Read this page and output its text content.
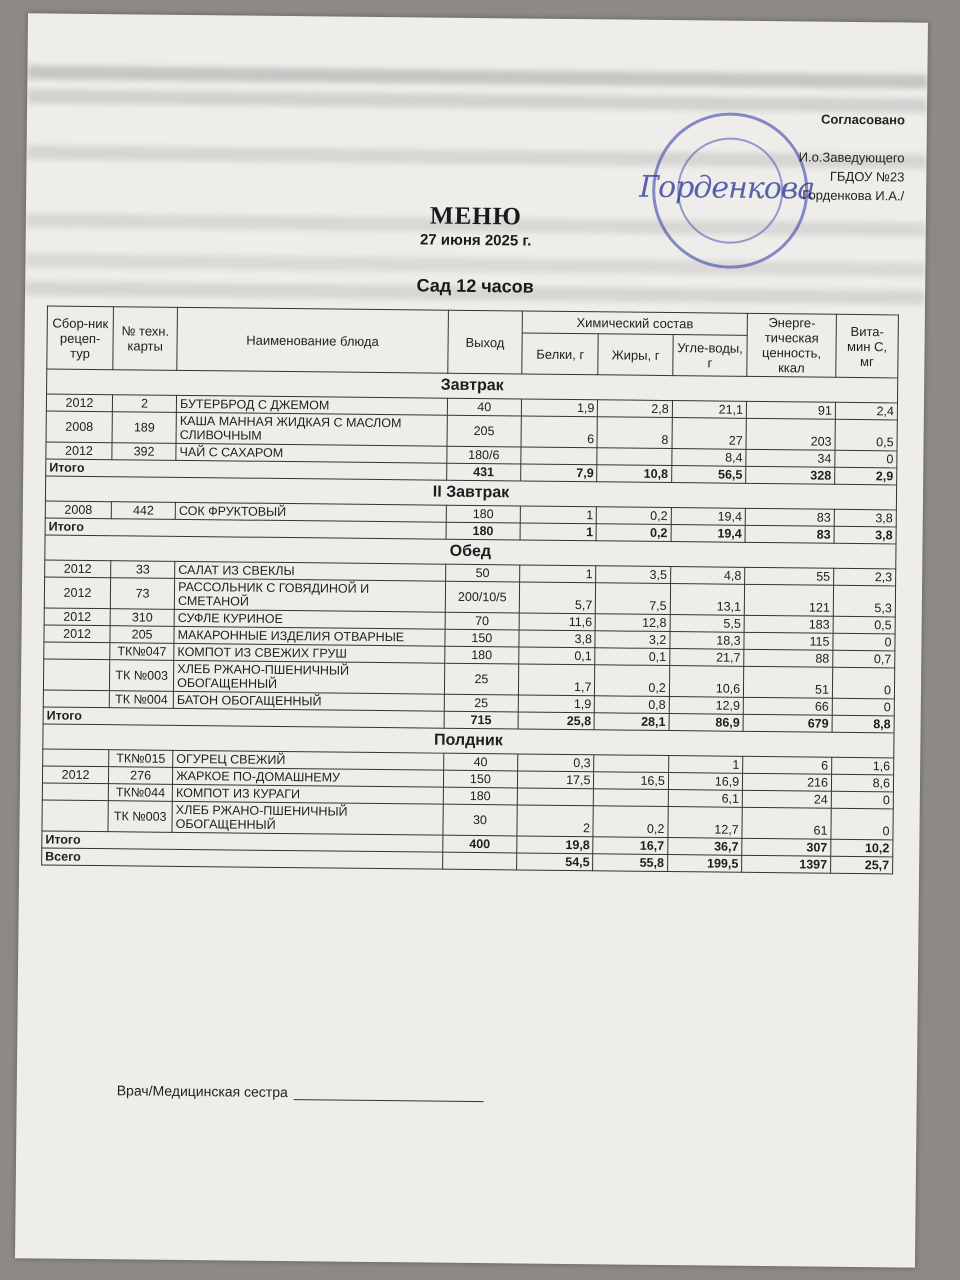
Горденкова
Согласовано
И.о.Заведующего
ГБДОУ №23
Горденкова И.А./
МЕНЮ
27 июня 2025 г.
Сад 12 часов
Сбор-ник рецеп-тур	№ техн. карты	Наименование блюда	Выход	Химический состав			Энерге-тическая ценность, ккал	Вита-мин С, мг
				Белки, г	Жиры, г	Угле-воды, г		
Завтрак								
2012	2	БУТЕРБРОД С ДЖЕМОМ	40	1,9	2,8	21,1	91	2,4
2008	189	КАША МАННАЯ ЖИДКАЯ С МАСЛОМ СЛИВОЧНЫМ	205	6	8	27	203	0,5
2012	392	ЧАЙ С САХАРОМ	180/6			8,4	34	0
Итого			431	7,9	10,8	56,5	328	2,9
II Завтрак								
2008	442	СОК ФРУКТОВЫЙ	180	1	0,2	19,4	83	3,8
Итого			180	1	0,2	19,4	83	3,8
Обед								
2012	33	САЛАТ ИЗ СВЕКЛЫ	50	1	3,5	4,8	55	2,3
2012	73	РАССОЛЬНИК С ГОВЯДИНОЙ И СМЕТАНОЙ	200/10/5	5,7	7,5	13,1	121	5,3
2012	310	СУФЛЕ КУРИНОЕ	70	11,6	12,8	5,5	183	0,5
2012	205	МАКАРОННЫЕ ИЗДЕЛИЯ ОТВАРНЫЕ	150	3,8	3,2	18,3	115	0
	ТК№047	КОМПОТ ИЗ СВЕЖИХ ГРУШ	180	0,1	0,1	21,7	88	0,7
	ТК №003	ХЛЕБ РЖАНО-ПШЕНИЧНЫЙ ОБОГАЩЕННЫЙ	25	1,7	0,2	10,6	51	0
	ТК №004	БАТОН ОБОГАЩЕННЫЙ	25	1,9	0,8	12,9	66	0
Итого			715	25,8	28,1	86,9	679	8,8
Полдник								
	ТК№015	ОГУРЕЦ СВЕЖИЙ	40	0,3		1	6	1,6
2012	276	ЖАРКОЕ ПО-ДОМАШНЕМУ	150	17,5	16,5	16,9	216	8,6
	ТК№044	КОМПОТ ИЗ КУРАГИ	180			6,1	24	0
	ТК №003	ХЛЕБ РЖАНО-ПШЕНИЧНЫЙ ОБОГАЩЕННЫЙ	30	2	0,2	12,7	61	0
Итого			400	19,8	16,7	36,7	307	10,2
Всего				54,5	55,8	199,5	1397	25,7
Врач/Медицинская сестра
